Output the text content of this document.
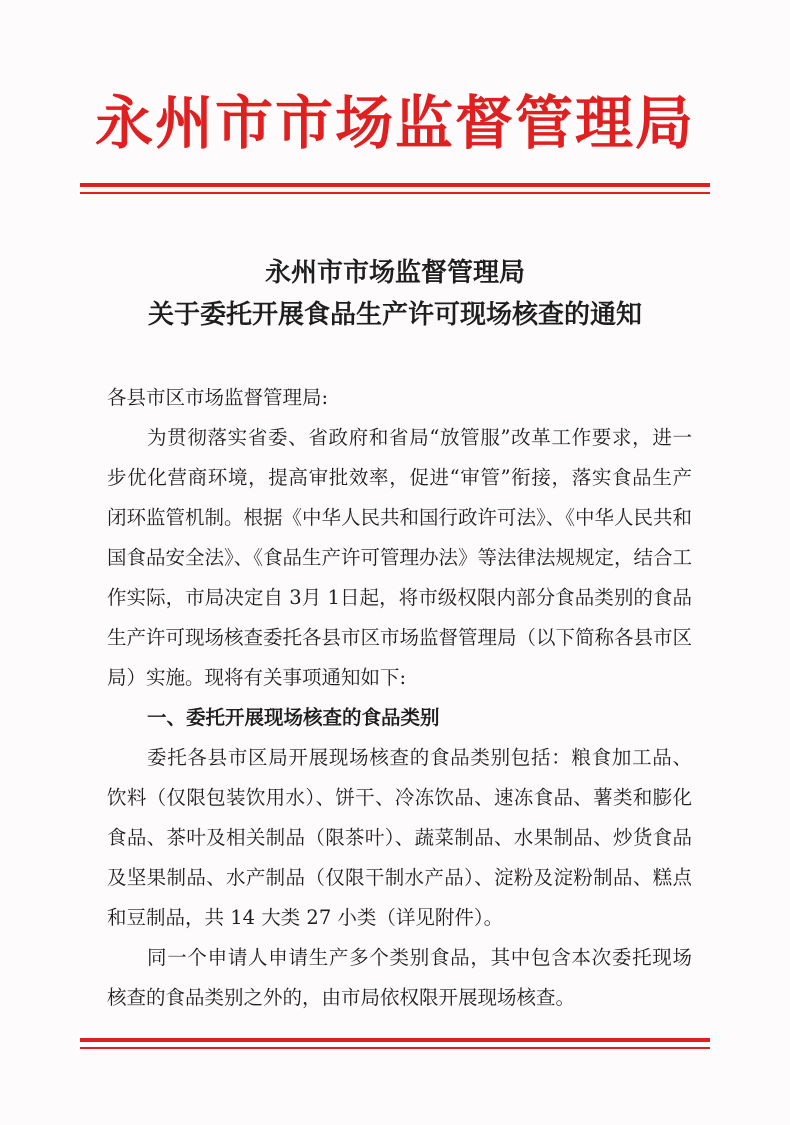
永州市市场监督管理局
永州市市场监督管理局
关于委托开展食品生产许可现场核查的通知

各县市区市场监督管理局:

为贯彻落实省委、省政府和省局“放管服”改革工作要求，进一步优化营商环境，提高审批效率，促进“审管”衔接，落实食品生产闭环监管机制。根据《中华人民共和国行政许可法》、《中华人民共和国食品安全法》、《食品生产许可管理办法》等法律法规规定，结合工作实际，市局决定自 3月 1日起，将市级权限内部分食品类别的食品生产许可现场核查委托各县市区市场监督管理局（以下简称各县市区局）实施。现将有关事项通知如下:

一、委托开展现场核查的食品类别

委托各县市区局开展现场核查的食品类别包括：粮食加工品、饮料（仅限包装饮用水）、饼干、冷冻饮品、速冻食品、薯类和膨化食品、茶叶及相关制品（限茶叶）、蔬菜制品、水果制品、炒货食品及坚果制品、水产制品（仅限干制水产品）、淀粉及淀粉制品、糕点和豆制品，共 14 大类 27 小类（详见附件）。

同一个申请人申请生产多个类别食品，其中包含本次委托现场核查的食品类别之外的，由市局依权限开展现场核查。
